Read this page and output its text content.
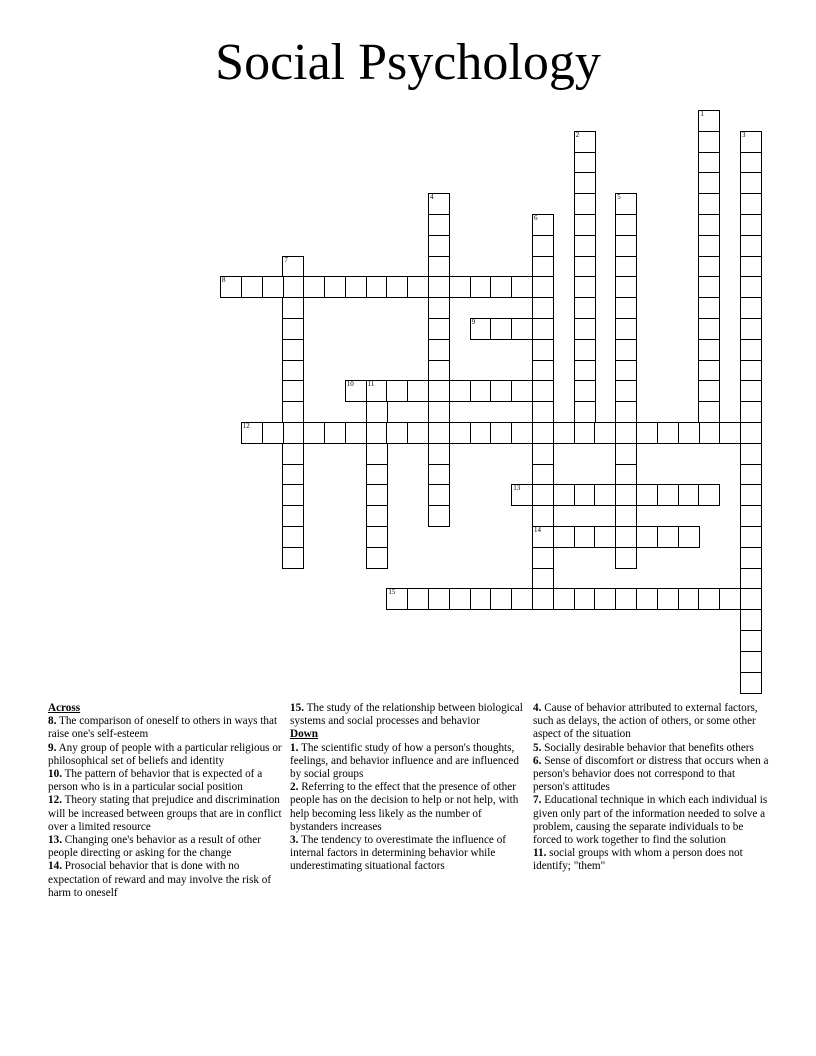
Social Psychology
1
2	3
4	5
6
14
7
8
9
10 11
12
13
15
Across

8. The comparison of oneself to others in ways that raise one's self-esteem

9. Any group of people with a particular religious or philosophical set of beliefs and identity

10. The pattern of behavior that is expected of a person who is in a particular social position

12. Theory stating that prejudice and discrimination will be increased between groups that are in conflict over a limited resource

13. Changing one's behavior as a result of other people directing or asking for the change

14. Prosocial behavior that is done with no expectation of reward and may involve the risk of harm to oneself

15. The study of the relationship between biological systems and social processes and behavior

Down

1. The scientific study of how a person's thoughts, feelings, and behavior influence and are influenced by social groups

2. Referring to the effect that the presence of other people has on the decision to help or not help, with help becoming less likely as the number of bystanders increases

3. The tendency to overestimate the influence of internal factors in determining behavior while underestimating situational factors

4. Cause of behavior attributed to external factors, such as delays, the action of others, or some other aspect of the situation

5. Socially desirable behavior that benefits others

6. Sense of discomfort or distress that occurs when a person's behavior does not correspond to that person's attitudes

7. Educational technique in which each individual is given only part of the information needed to solve a problem, causing the separate individuals to be forced to work together to find the solution

11. social groups with whom a person does not identify; "them"
